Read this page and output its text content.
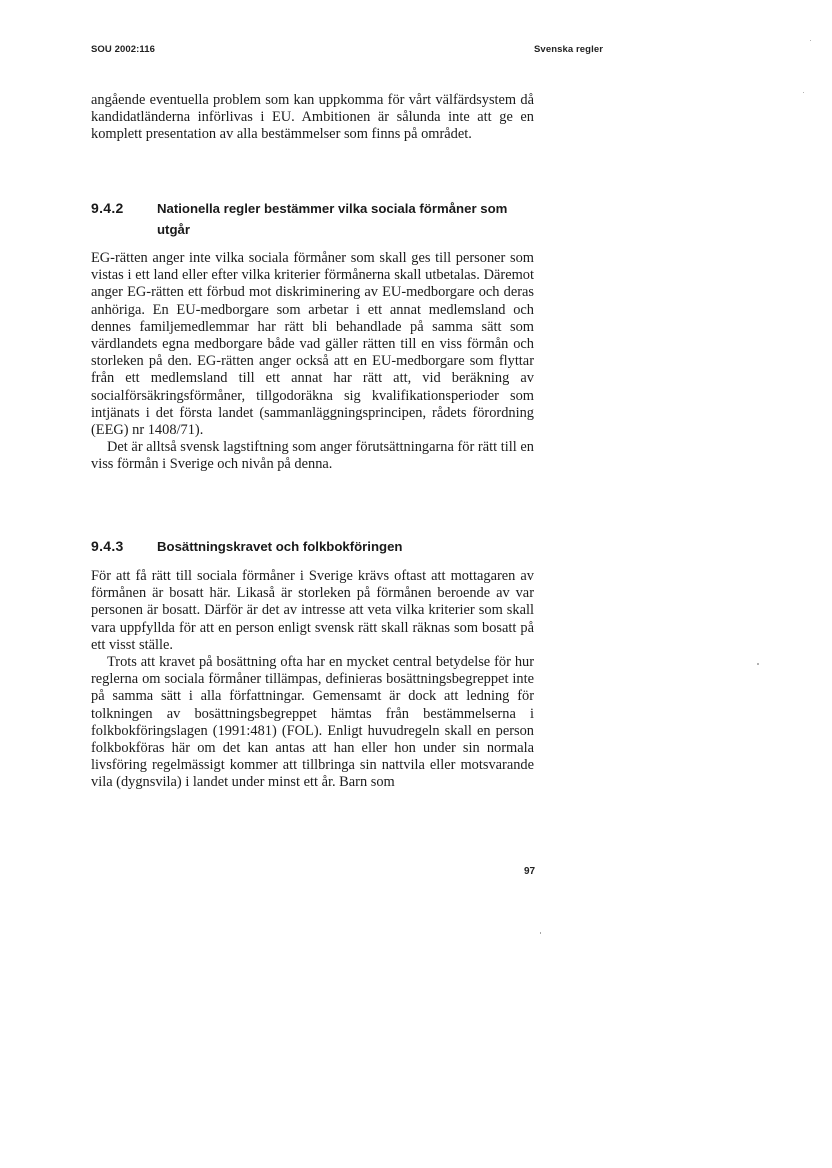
SOU 2002:116	Svenska regler

angående eventuella problem som kan uppkomma för vårt välfärdsystem då kandidatländerna införlivas i EU. Ambitionen är sålunda inte att ge en komplett presentation av alla bestämmelser som finns på området.

9.4.2	Nationella regler bestämmer vilka sociala förmåner som utgår

EG-rätten anger inte vilka sociala förmåner som skall ges till personer som vistas i ett land eller efter vilka kriterier förmånerna skall utbetalas. Däremot anger EG-rätten ett förbud mot diskriminering av EU-medborgare och deras anhöriga. En EU-medborgare som arbetar i ett annat medlemsland och dennes familjemedlemmar har rätt bli behandlade på samma sätt som värdlandets egna medborgare både vad gäller rätten till en viss förmån och storleken på den. EG-rätten anger också att en EU-medborgare som flyttar från ett medlemsland till ett annat har rätt att, vid beräkning av socialförsäkringsförmåner, tillgodoräkna sig kvalifikationsperioder som intjänats i det första landet (sammanläggningsprincipen, rådets förordning (EEG) nr 1408/71).

Det är alltså svensk lagstiftning som anger förutsättningarna för rätt till en viss förmån i Sverige och nivån på denna.

9.4.3	Bosättningskravet och folkbokföringen

För att få rätt till sociala förmåner i Sverige krävs oftast att mottagaren av förmånen är bosatt här. Likaså är storleken på förmånen beroende av var personen är bosatt. Därför är det av intresse att veta vilka kriterier som skall vara uppfyllda för att en person enligt svensk rätt skall räknas som bosatt på ett visst ställe.

Trots att kravet på bosättning ofta har en mycket central betydelse för hur reglerna om sociala förmåner tillämpas, definieras bosättningsbegreppet inte på samma sätt i alla författningar. Gemensamt är dock att ledning för tolkningen av bosättningsbegreppet hämtas från bestämmelserna i folkbokföringslagen (1991:481) (FOL). Enligt huvudregeln skall en person folkbokföras här om det kan antas att han eller hon under sin normala livsföring regelmässigt kommer att tillbringa sin nattvila eller motsvarande vila (dygnsvila) i landet under minst ett år. Barn som

97
